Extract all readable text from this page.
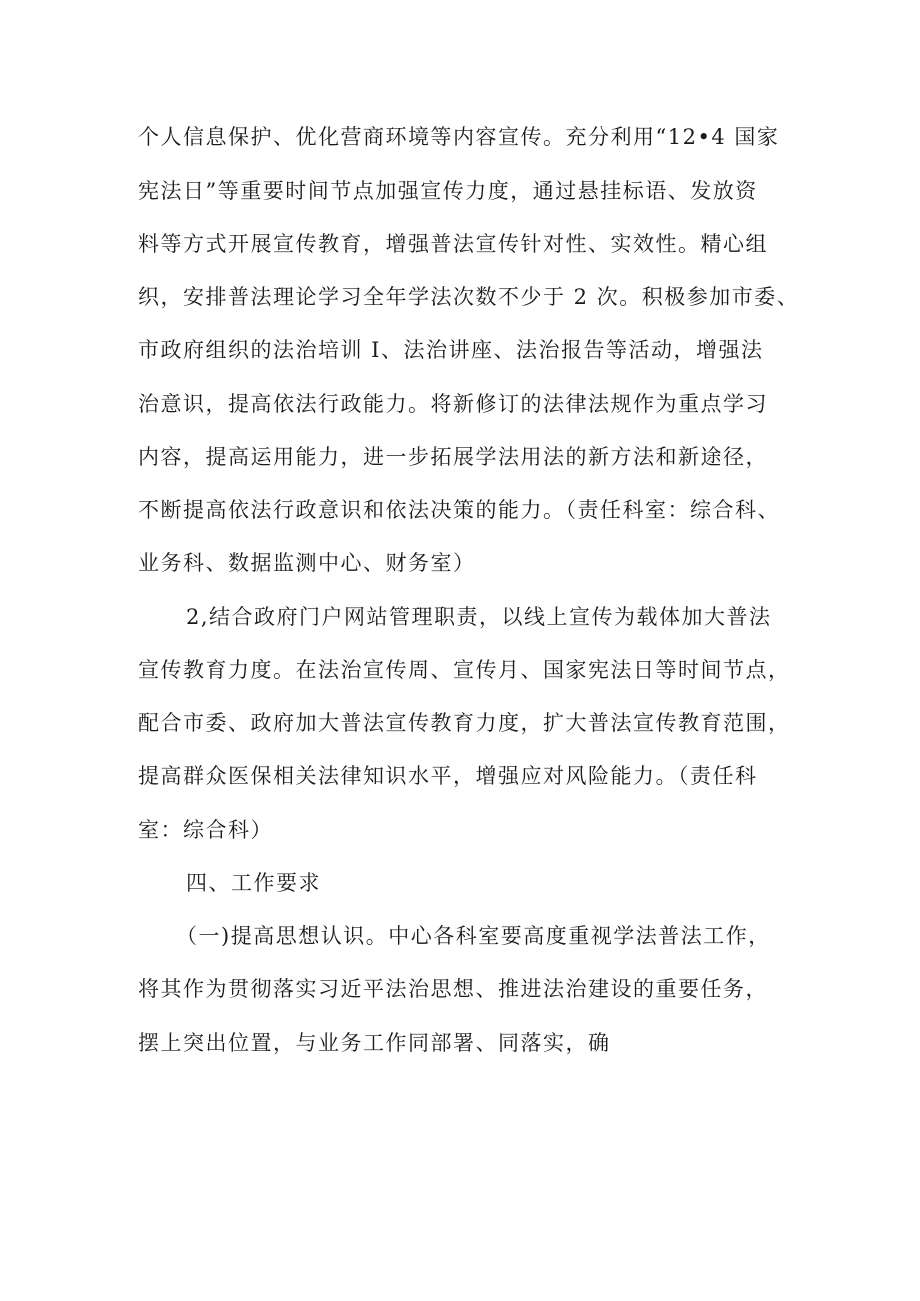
个人信息保护、优化营商环境等内容宣传。充分利用“12•4 国家
宪法日”等重要时间节点加强宣传力度，通过悬挂标语、发放资
料等方式开展宣传教育，增强普法宣传针对性、实效性。精心组
织，安排普法理论学习全年学法次数不少于 2 次。积极参加市委、
市政府组织的法治培训 I、法治讲座、法治报告等活动，增强法
治意识，提高依法行政能力。将新修订的法律法规作为重点学习
内容，提高运用能力，进一步拓展学法用法的新方法和新途径，
不断提高依法行政意识和依法决策的能力。（责任科室：综合科、
业务科、数据监测中心、财务室）
2,结合政府门户网站管理职责，以线上宣传为载体加大普法
宣传教育力度。在法治宣传周、宣传月、国家宪法日等时间节点，
配合市委、政府加大普法宣传教育力度，扩大普法宣传教育范围，
提高群众医保相关法律知识水平，增强应对风险能力。（责任科
室：综合科）
四、工作要求
（一)提高思想认识。中心各科室要高度重视学法普法工作，
将其作为贯彻落实习近平法治思想、推进法治建设的重要任务，
摆上突出位置，与业务工作同部署、同落实，确
